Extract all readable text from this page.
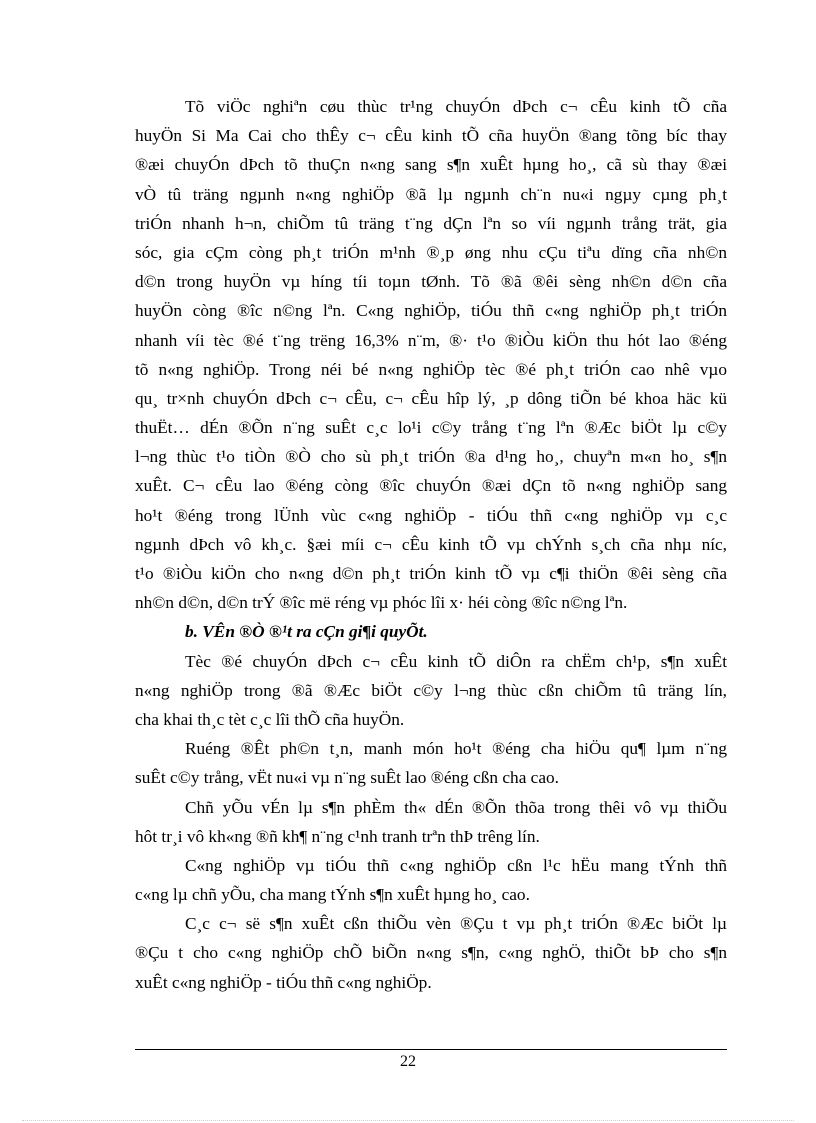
Tõ viÖc nghiªn cøu thùc tr¹ng chuyÓn dÞch c¬ cÊu kinh tÕ cña
huyÖn Si Ma Cai cho thÊy c¬ cÊu kinh tÕ cña huyÖn ®ang tõng bíc thay
®æi chuyÓn dÞch tõ thuÇn n«ng sang s¶n xuÊt hµng ho¸, cã sù thay ®æi
vÒ tû träng ngµnh n«ng nghiÖp ®ã lµ ngµnh ch¨n nu«i ngµy cµng ph¸t
triÓn nhanh h¬n, chiÕm tû träng t¨ng dÇn lªn so víi ngµnh trång trät, gia
sóc, gia cÇm còng ph¸t triÓn m¹nh ®¸p øng nhu cÇu tiªu dïng cña nh©n
d©n trong huyÖn vµ híng tíi toµn tØnh. Tõ ®ã ®êi sèng nh©n d©n cña
huyÖn còng ®îc n©ng lªn. C«ng nghiÖp, tiÓu thñ c«ng nghiÖp ph¸t triÓn
nhanh víi tèc ®é t¨ng trëng 16,3% n¨m, ®· t¹o ®iÒu kiÖn thu hót lao ®éng
tõ n«ng nghiÖp. Trong néi bé n«ng nghiÖp tèc ®é ph¸t triÓn cao nhê vµo
qu¸ tr×nh chuyÓn dÞch c¬ cÊu, c¬ cÊu hîp lý, ¸p dông tiÕn bé khoa häc kü
thuËt… dÉn ®Õn n¨ng suÊt c¸c lo¹i c©y trång t¨ng lªn ®Æc biÖt lµ c©y
l¬ng thùc t¹o tiÒn ®Ò cho sù ph¸t triÓn ®a d¹ng ho¸, chuyªn m«n ho¸ s¶n
xuÊt. C¬ cÊu lao ®éng còng ®îc chuyÓn ®æi dÇn tõ n«ng nghiÖp sang
ho¹t ®éng trong lÜnh vùc c«ng nghiÖp - tiÓu thñ c«ng nghiÖp vµ c¸c
ngµnh dÞch vô kh¸c. §æi míi c¬ cÊu kinh tÕ vµ chÝnh s¸ch cña nhµ níc,
t¹o ®iÒu kiÖn cho n«ng d©n ph¸t triÓn kinh tÕ vµ c¶i thiÖn ®êi sèng cña
nh©n d©n, d©n trÝ ®îc më réng vµ phóc lîi x· héi còng ®îc n©ng lªn.
b. VÊn ®Ò ®¹t ra cÇn gi¶i quyÕt.
Tèc ®é chuyÓn dÞch c¬ cÊu kinh tÕ diÔn ra chËm ch¹p, s¶n xuÊt
n«ng nghiÖp trong ®ã ®Æc biÖt c©y l¬ng thùc cßn chiÕm tû träng lín,
cha khai th¸c tèt c¸c lîi thÕ cña huyÖn.
Ruéng ®Êt ph©n t¸n, manh món ho¹t ®éng cha hiÖu qu¶ lµm n¨ng
suÊt c©y trång, vËt nu«i vµ n¨ng suÊt lao ®éng cßn cha cao.
Chñ yÕu vÉn lµ s¶n phÈm th« dÉn ®Õn thõa trong thêi vô vµ thiÕu
hôt tr¸i vô kh«ng ®ñ kh¶ n¨ng c¹nh tranh trªn thÞ trêng lín.
C«ng nghiÖp vµ tiÓu thñ c«ng nghiÖp cßn l¹c hËu mang tÝnh thñ
c«ng lµ chñ yÕu, cha mang tÝnh s¶n xuÊt hµng ho¸ cao.
C¸c c¬ së s¶n xuÊt cßn thiÕu vèn ®Çu t vµ ph¸t triÓn ®Æc biÖt lµ
®Çu t cho c«ng nghiÖp chÕ biÕn n«ng s¶n, c«ng nghÖ, thiÕt bÞ cho s¶n
xuÊt c«ng nghiÖp - tiÓu thñ c«ng nghiÖp.
22
